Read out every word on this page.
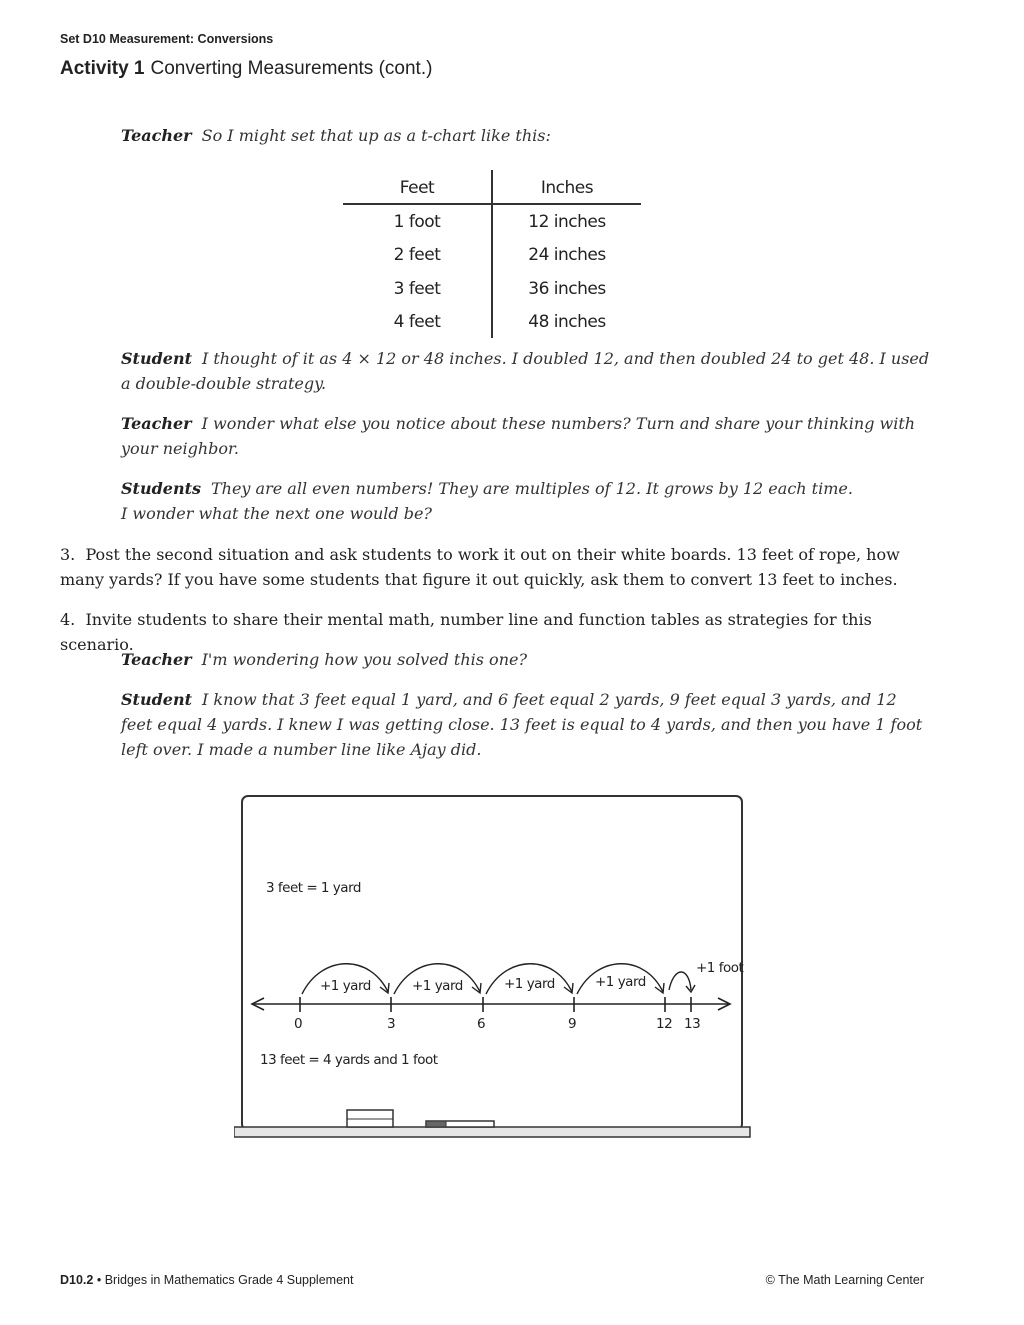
Set D10 Measurement: Conversions
Activity 1 Converting Measurements (cont.)
Teacher So I might set that up as a t-chart like this:
Feet	Inches
1 foot	12 inches
2 feet	24 inches
3 feet	36 inches
4 feet	48 inches
Student I thought of it as 4 × 12 or 48 inches. I doubled 12, and then doubled 24 to get 48. I used a double-double strategy.
Teacher I wonder what else you notice about these numbers? Turn and share your thinking with your neighbor.
Students They are all even numbers! They are multiples of 12. It grows by 12 each time.
I wonder what the next one would be?
3. Post the second situation and ask students to work it out on their white boards. 13 feet of rope, how many yards? If you have some students that figure it out quickly, ask them to convert 13 feet to inches.
4. Invite students to share their mental math, number line and function tables as strategies for this scenario.
Teacher I'm wondering how you solved this one?
Student I know that 3 feet equal 1 yard, and 6 feet equal 2 yards, 9 feet equal 3 yards, and 12 feet equal 4 yards. I knew I was getting close. 13 feet is equal to 4 yards, and then you have 1 foot left over. I made a number line like Ajay did.
3 feet = 1 yard
+1 yard	+1 yard	+1 yard	+1 yard
+1 foot
0	3	6	9	12 13
13 feet = 4 yards and 1 foot
D10.2 • Bridges in Mathematics Grade 4 Supplement	© The Math Learning Center
